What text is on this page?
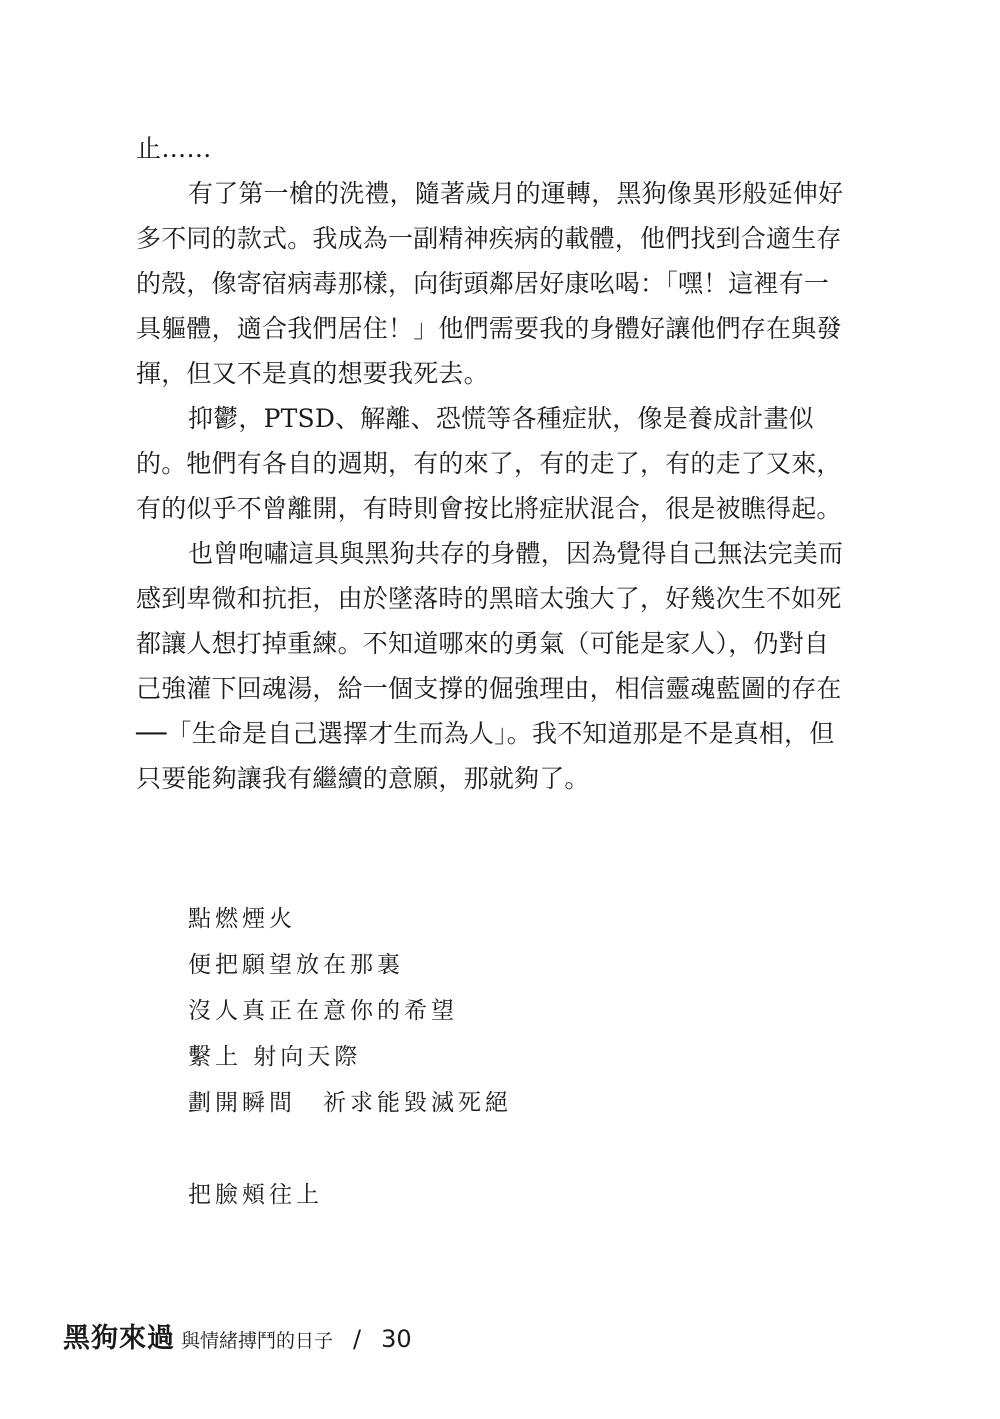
止……

有了第一槍的洗禮，隨著歲月的運轉，黑狗像異形般延伸好多不同的款式。我成為一副精神疾病的載體，他們找到合適生存的殼，像寄宿病毒那樣，向街頭鄰居好康吆喝：「嘿！這裡有一具軀體，適合我們居住！」他們需要我的身體好讓他們存在與發揮，但又不是真的想要我死去。

抑鬱，PTSD、解離、恐慌等各種症狀，像是養成計畫似的。牠們有各自的週期，有的來了，有的走了，有的走了又來，有的似乎不曾離開，有時則會按比將症狀混合，很是被瞧得起。

也曾咆嘯這具與黑狗共存的身體，因為覺得自己無法完美而感到卑微和抗拒，由於墜落時的黑暗太強大了，好幾次生不如死都讓人想打掉重練。不知道哪來的勇氣（可能是家人），仍對自己強灌下回魂湯，給一個支撐的倔強理由，相信靈魂藍圖的存在──「生命是自己選擇才生而為人」。我不知道那是不是真相，但只要能夠讓我有繼續的意願，那就夠了。

點燃煙火
便把願望放在那裏
沒人真正在意你的希望
繫上 射向天際
劃開瞬間　祈求能毀滅死絕
把臉頰往上
黑狗來過 與情緒搏鬥的日子 / 30
